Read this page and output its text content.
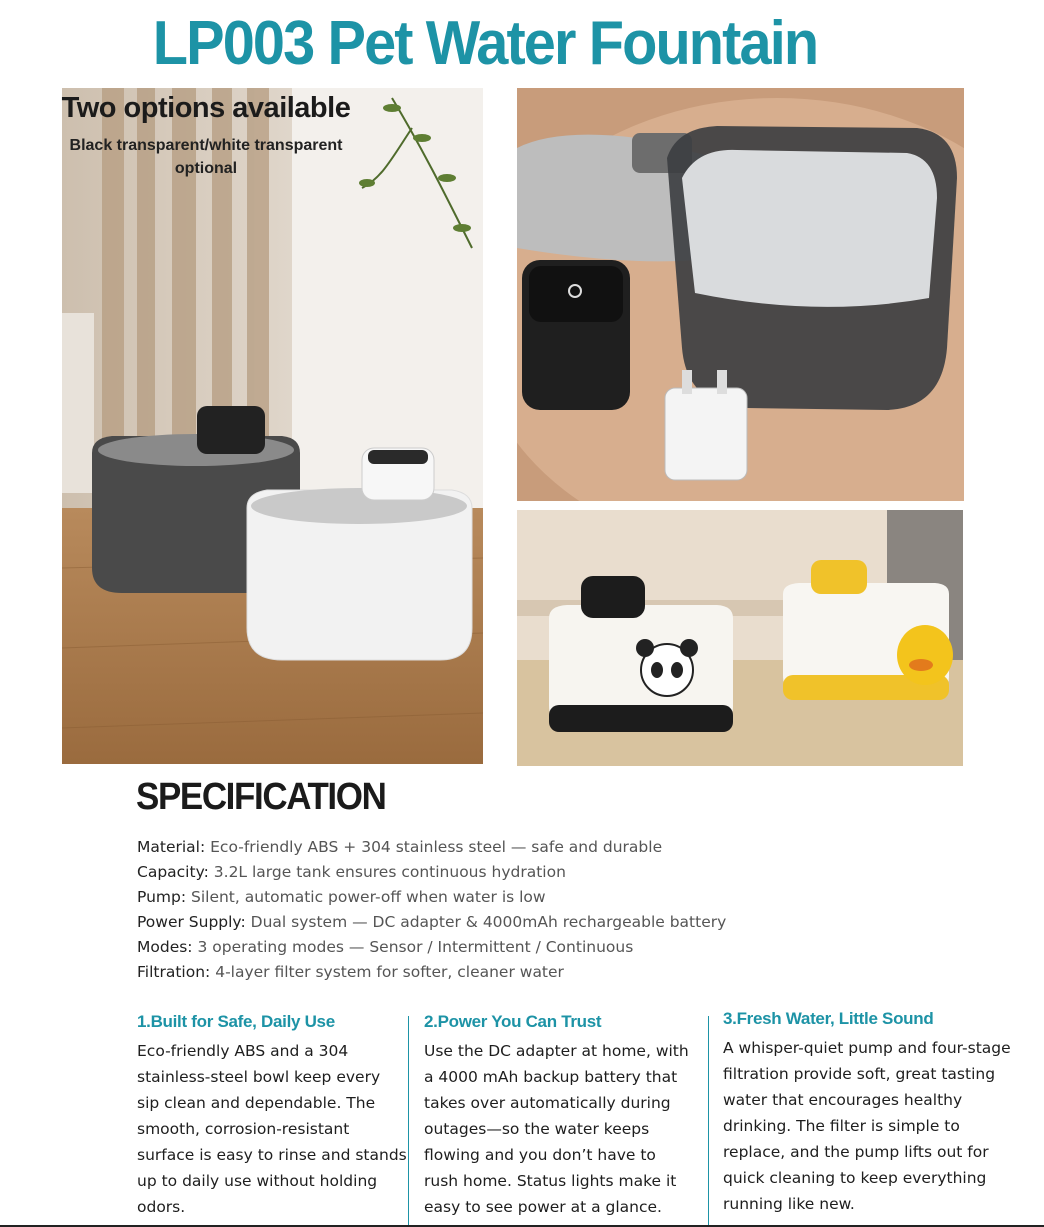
LP003 Pet Water Fountain
Two options available
Black transparent/white transparent optional
SPECIFICATION
Material: Eco-friendly ABS + 304 stainless steel — safe and durable
Capacity: 3.2L large tank ensures continuous hydration
Pump: Silent, automatic power-off when water is low
Power Supply: Dual system — DC adapter & 4000mAh rechargeable battery
Modes: 3 operating modes — Sensor / Intermittent / Continuous
Filtration: 4-layer filter system for softer, cleaner water
1.Built for Safe, Daily Use

Eco-friendly ABS and a 304 stainless-steel bowl keep every sip clean and dependable. The smooth, corrosion-resistant surface is easy to rinse and stands up to daily use without holding odors.

2.Power You Can Trust

Use the DC adapter at home, with a 4000 mAh backup battery that takes over automatically during outages—so the water keeps flowing and you don’t have to rush home. Status lights make it easy to see power at a glance.

3.Fresh Water, Little Sound

A whisper-quiet pump and four-stage filtration provide soft, great tasting water that encourages healthy drinking. The filter is simple to replace, and the pump lifts out for quick cleaning to keep everything running like new.
